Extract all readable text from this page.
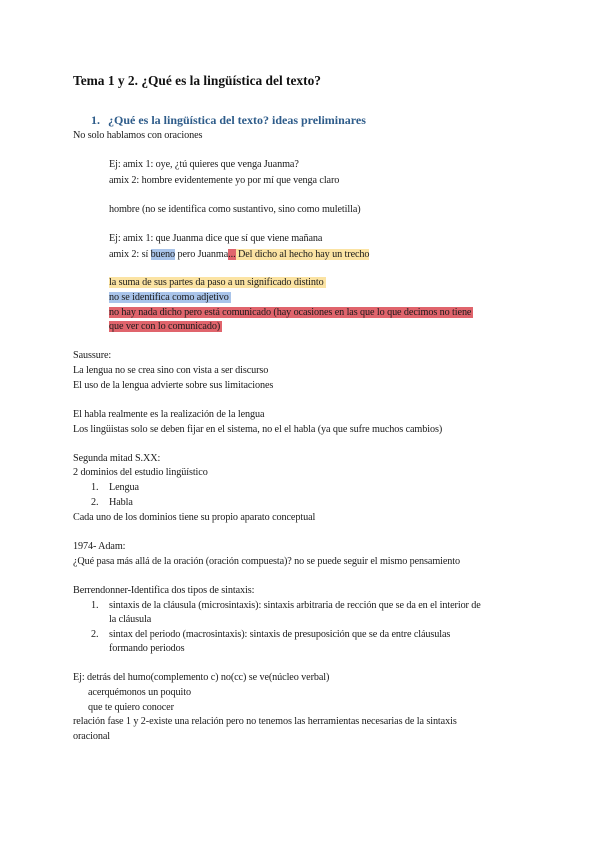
Tema 1 y 2. ¿Qué es la lingüística del texto?
1. ¿Qué es la lingüística del texto? ideas preliminares
No solo hablamos con oraciones
Ej: amix 1: oye, ¿tú quieres que venga Juanma?
amix 2: hombre evidentemente yo por mí que venga claro
hombre (no se identifica como sustantivo, sino como muletilla)
Ej: amix 1: que Juanma dice que sí que viene mañana
amix 2: sí bueno pero Juanma... Del dicho al hecho hay un trecho
la suma de sus partes da paso a un significado distinto
no se identifica como adjetivo
no hay nada dicho pero está comunicado (hay ocasiones en las que lo que decimos no tiene
que ver con lo comunicado)
Saussure:
La lengua no se crea sino con vista a ser discurso
El uso de la lengua advierte sobre sus limitaciones
El habla realmente es la realización de la lengua
Los lingüistas solo se deben fijar en el sistema, no el el habla (ya que sufre muchos cambios)
Segunda mitad S.XX:
2 dominios del estudio lingüístico
1. Lengua
2. Habla
Cada uno de los dominios tiene su propio aparato conceptual
1974- Adam:
¿Qué pasa más allá de la oración (oración compuesta)? no se puede seguir el mismo pensamiento
Berrendonner-Identifica dos tipos de sintaxis:
1. sintaxis de la cláusula (microsintaxis): sintaxis arbitraria de rección que se da en el interior de
la cláusula
2. sintax del periodo (macrosintaxis): sintaxis de presuposición que se da entre cláusulas
formando periodos
Ej: detrás del humo(complemento c) no(cc) se ve(núcleo verbal)
acerquémonos un poquito
que te quiero conocer
relación fase 1 y 2-existe una relación pero no tenemos las herramientas necesarias de la sintaxis
oracional
